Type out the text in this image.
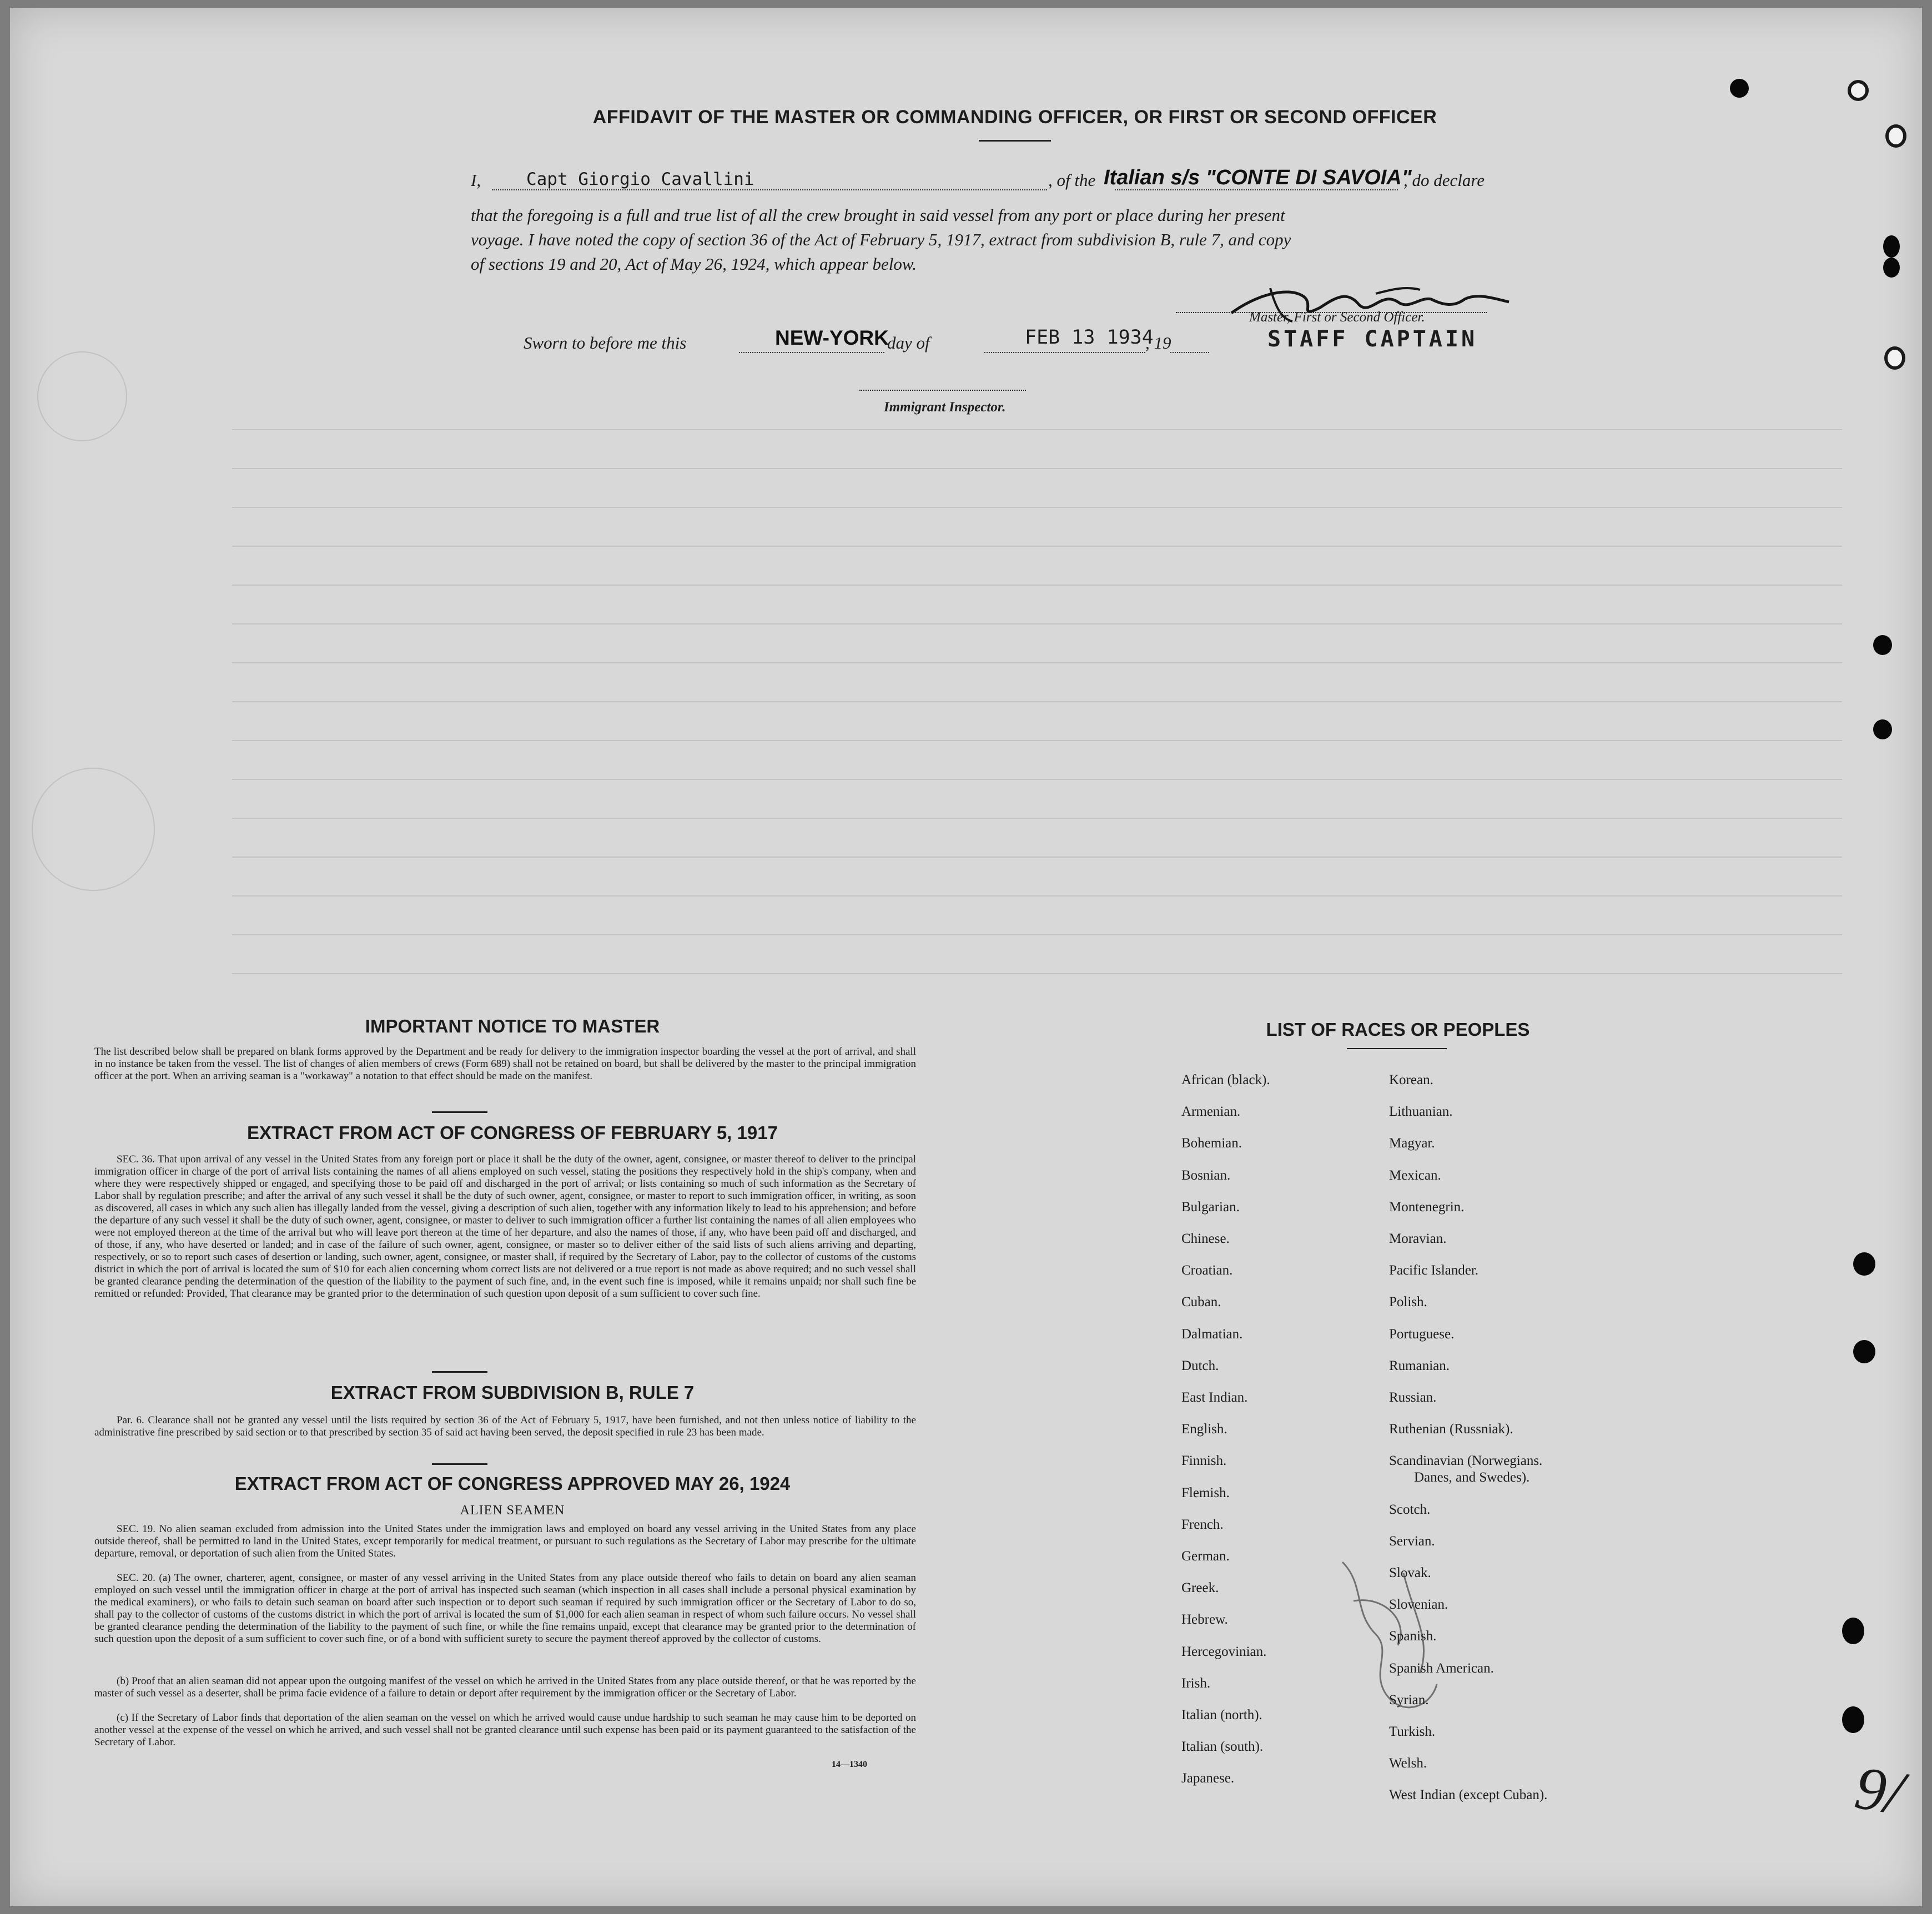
AFFIDAVIT OF THE MASTER OR COMMANDING OFFICER, OR FIRST OR SECOND OFFICER
I,	Capt Giorgio Cavallini	, of the Italian s/s "CONTE DI SAVOIA"
, do declare
that the foregoing is a full and true list of all the crew brought in said vessel from any port or place during her present
voyage. I have noted the copy of section 36 of the Act of February 5, 1917, extract from subdivision B, rule 7, and copy
of sections 19 and 20, Act of May 26, 1924, which appear below.
Master, First or Second Officer.
STAFF CAPTAIN
Sworn to before me this	NEW-YORK
day of	FEB 13 1934
, 19
Immigrant Inspector.
IMPORTANT NOTICE TO MASTER
The list described below shall be prepared on blank forms approved by the Department and be ready for delivery to the immigration inspector boarding the vessel at the port of arrival, and shall in no instance be taken from the vessel. The list of changes of alien members of crews (Form 689) shall not be retained on board, but shall be delivered by the master to the principal immigration officer at the port. When an arriving seaman is a "workaway" a notation to that effect should be made on the manifest.
EXTRACT FROM ACT OF CONGRESS OF FEBRUARY 5, 1917
SEC. 36. That upon arrival of any vessel in the United States from any foreign port or place it shall be the duty of the owner, agent, consignee, or master thereof to deliver to the principal immigration officer in charge of the port of arrival lists containing the names of all aliens employed on such vessel, stating the positions they respectively hold in the ship's company, when and where they were respectively shipped or engaged, and specifying those to be paid off and discharged in the port of arrival; or lists containing so much of such information as the Secretary of Labor shall by regulation prescribe; and after the arrival of any such vessel it shall be the duty of such owner, agent, consignee, or master to report to such immigration officer, in writing, as soon as discovered, all cases in which any such alien has illegally landed from the vessel, giving a description of such alien, together with any information likely to lead to his apprehension; and before the departure of any such vessel it shall be the duty of such owner, agent, consignee, or master to deliver to such immigration officer a further list containing the names of all alien employees who were not employed thereon at the time of the arrival but who will leave port thereon at the time of her departure, and also the names of those, if any, who have been paid off and discharged, and of those, if any, who have deserted or landed; and in case of the failure of such owner, agent, consignee, or master so to deliver either of the said lists of such aliens arriving and departing, respectively, or so to report such cases of desertion or landing, such owner, agent, consignee, or master shall, if required by the Secretary of Labor, pay to the collector of customs of the customs district in which the port of arrival is located the sum of $10 for each alien concerning whom correct lists are not delivered or a true report is not made as above required; and no such vessel shall be granted clearance pending the determination of the question of the liability to the payment of such fine, and, in the event such fine is imposed, while it remains unpaid; nor shall such fine be remitted or refunded: Provided, That clearance may be granted prior to the determination of such question upon deposit of a sum sufficient to cover such fine.
EXTRACT FROM SUBDIVISION B, RULE 7
Par. 6. Clearance shall not be granted any vessel until the lists required by section 36 of the Act of February 5, 1917, have been furnished, and not then unless notice of liability to the administrative fine prescribed by said section or to that prescribed by section 35 of said act having been served, the deposit specified in rule 23 has been made.
EXTRACT FROM ACT OF CONGRESS APPROVED MAY 26, 1924
ALIEN SEAMEN
SEC. 19. No alien seaman excluded from admission into the United States under the immigration laws and employed on board any vessel arriving in the United States from any place outside thereof, shall be permitted to land in the United States, except temporarily for medical treatment, or pursuant to such regulations as the Secretary of Labor may prescribe for the ultimate departure, removal, or deportation of such alien from the United States.
SEC. 20. (a) The owner, charterer, agent, consignee, or master of any vessel arriving in the United States from any place outside thereof who fails to detain on board any alien seaman employed on such vessel until the immigration officer in charge at the port of arrival has inspected such seaman (which inspection in all cases shall include a personal physical examination by the medical examiners), or who fails to detain such seaman on board after such inspection or to deport such seaman if required by such immigration officer or the Secretary of Labor to do so, shall pay to the collector of customs of the customs district in which the port of arrival is located the sum of $1,000 for each alien seaman in respect of whom such failure occurs. No vessel shall be granted clearance pending the determination of the liability to the payment of such fine, or while the fine remains unpaid, except that clearance may be granted prior to the determination of such question upon the deposit of a sum sufficient to cover such fine, or of a bond with sufficient surety to secure the payment thereof approved by the collector of customs.
(b) Proof that an alien seaman did not appear upon the outgoing manifest of the vessel on which he arrived in the United States from any place outside thereof, or that he was reported by the master of such vessel as a deserter, shall be prima facie evidence of a failure to detain or deport after requirement by the immigration officer or the Secretary of Labor.
(c) If the Secretary of Labor finds that deportation of the alien seaman on the vessel on which he arrived would cause undue hardship to such seaman he may cause him to be deported on another vessel at the expense of the vessel on which he arrived, and such vessel shall not be granted clearance until such expense has been paid or its payment guaranteed to the satisfaction of the Secretary of Labor.
14—1340
LIST OF RACES OR PEOPLES
9/
African (black).
Armenian.
Bohemian.
Bosnian.
Bulgarian.
Chinese.
Croatian.
Cuban.
Dalmatian.
Dutch.
East Indian.
English.
Finnish.
Flemish.
French.
German.
Greek.
Hebrew.
Hercegovinian.
Irish.
Italian (north).
Italian (south).
Japanese.
Korean.
Lithuanian.
Magyar.
Mexican.
Montenegrin.
Moravian.
Pacific Islander.
Polish.
Portuguese.
Rumanian.
Russian.
Ruthenian (Russniak).
Scandinavian (Norwegians.
Danes, and Swedes).
Scotch.
Servian.
Slovak.
Slovenian.
Spanish.
Spanish American.
Syrian.
Turkish.
Welsh.
West Indian (except Cuban).
